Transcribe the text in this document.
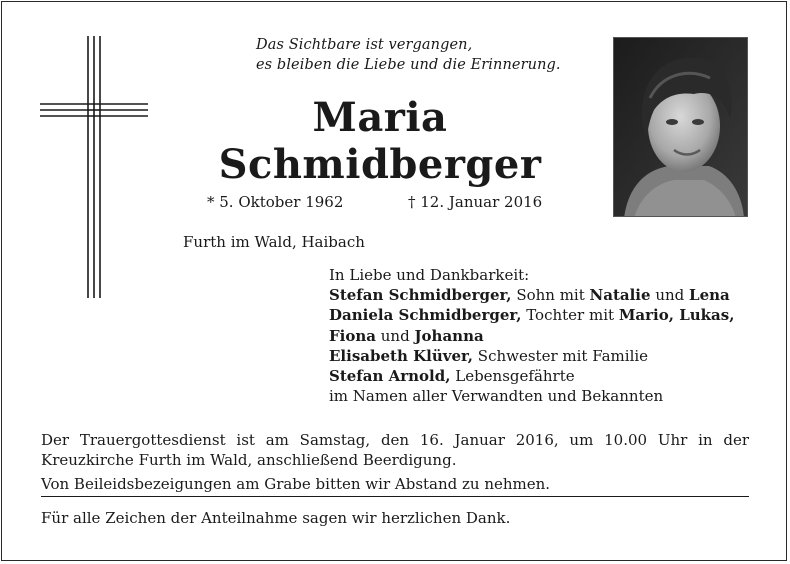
Das Sichtbare ist vergangen,
es bleiben die Liebe und die Erinnerung.
Maria
Schmidberger
* 5. Oktober 1962	† 12. Januar 2016
Furth im Wald, Haibach
In Liebe und Dankbarkeit:
Stefan Schmidberger, Sohn mit Natalie und Lena
Daniela Schmidberger, Tochter mit Mario, Lukas,
Fiona und Johanna
Elisabeth Klüver, Schwester mit Familie
Stefan Arnold, Lebensgefährte
im Namen aller Verwandten und Bekannten
Der Trauergottesdienst ist am Samstag, den 16. Januar 2016, um 10.00 Uhr in der
Kreuzkirche Furth im Wald, anschließend Beerdigung.
Von Beileidsbezeigungen am Grabe bitten wir Abstand zu nehmen.
Für alle Zeichen der Anteilnahme sagen wir herzlichen Dank.
